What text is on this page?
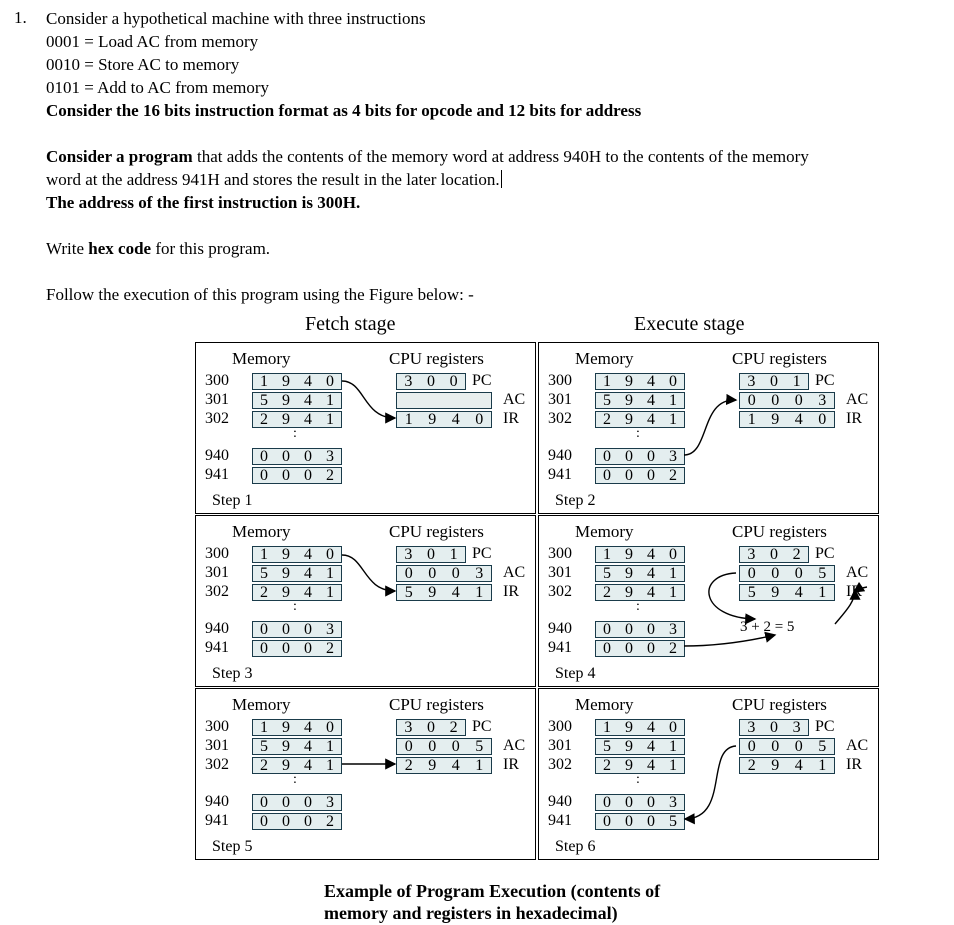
1. Consider a hypothetical machine with three instructions
0001 = Load AC from memory
0010 = Store AC to memory
0101 = Add to AC from memory
Consider the 16 bits instruction format as 4 bits for opcode and 12 bits for address
Consider a program that adds the contents of the memory word at address 940H to the contents of the memory
word at the address 941H and stores the result in the later location.
The address of the first instruction is 300H.
Write hex code for this program.
Follow the execution of this program using the Figure below: -
Fetch stage	Execute stage
Memory	CPU registers
300	1 9 4 0
301	5 9 4 1
302	2 9 4 1
940	0 0 0 3
941	0 0 0 2
:
3 0 0 PC
AC
1 9 4 0	IR
Step 1
Memory	CPU registers
300	1 9 4 0
301	5 9 4 1
302	2 9 4 1
940	0 0 0 3
941	0 0 0 2
:
3 0 1 PC
0 0 0 3	AC
1 9 4 0	IR
Step 2
Memory	CPU registers
300	1 9 4 0
301	5 9 4 1
302	2 9 4 1
940	0 0 0 3
941	0 0 0 2
:
3 0 1 PC
0 0 0 3	AC
5 9 4 1	IR
Step 3
Memory	CPU registers
300	1 9 4 0
301	5 9 4 1
302	2 9 4 1
940	0 0 0 3
941	0 0 0 2
:
3 0 2 PC
0 0 0 5	AC
5 9 4 1	IR
Step 4
Memory	CPU registers
300	1 9 4 0
301	5 9 4 1
302	2 9 4 1
940	0 0 0 3
941	0 0 0 2
:
3 0 2 PC
0 0 0 5	AC
2 9 4 1	IR
Step 5
Memory	CPU registers
300	1 9 4 0
301	5 9 4 1
302	2 9 4 1
940	0 0 0 3
941	0 0 0 5
:
3 0 3 PC
0 0 0 5	AC
2 9 4 1	IR
Step 6
3 + 2 = 5
Example of Program Execution (contents of
memory and registers in hexadecimal)
